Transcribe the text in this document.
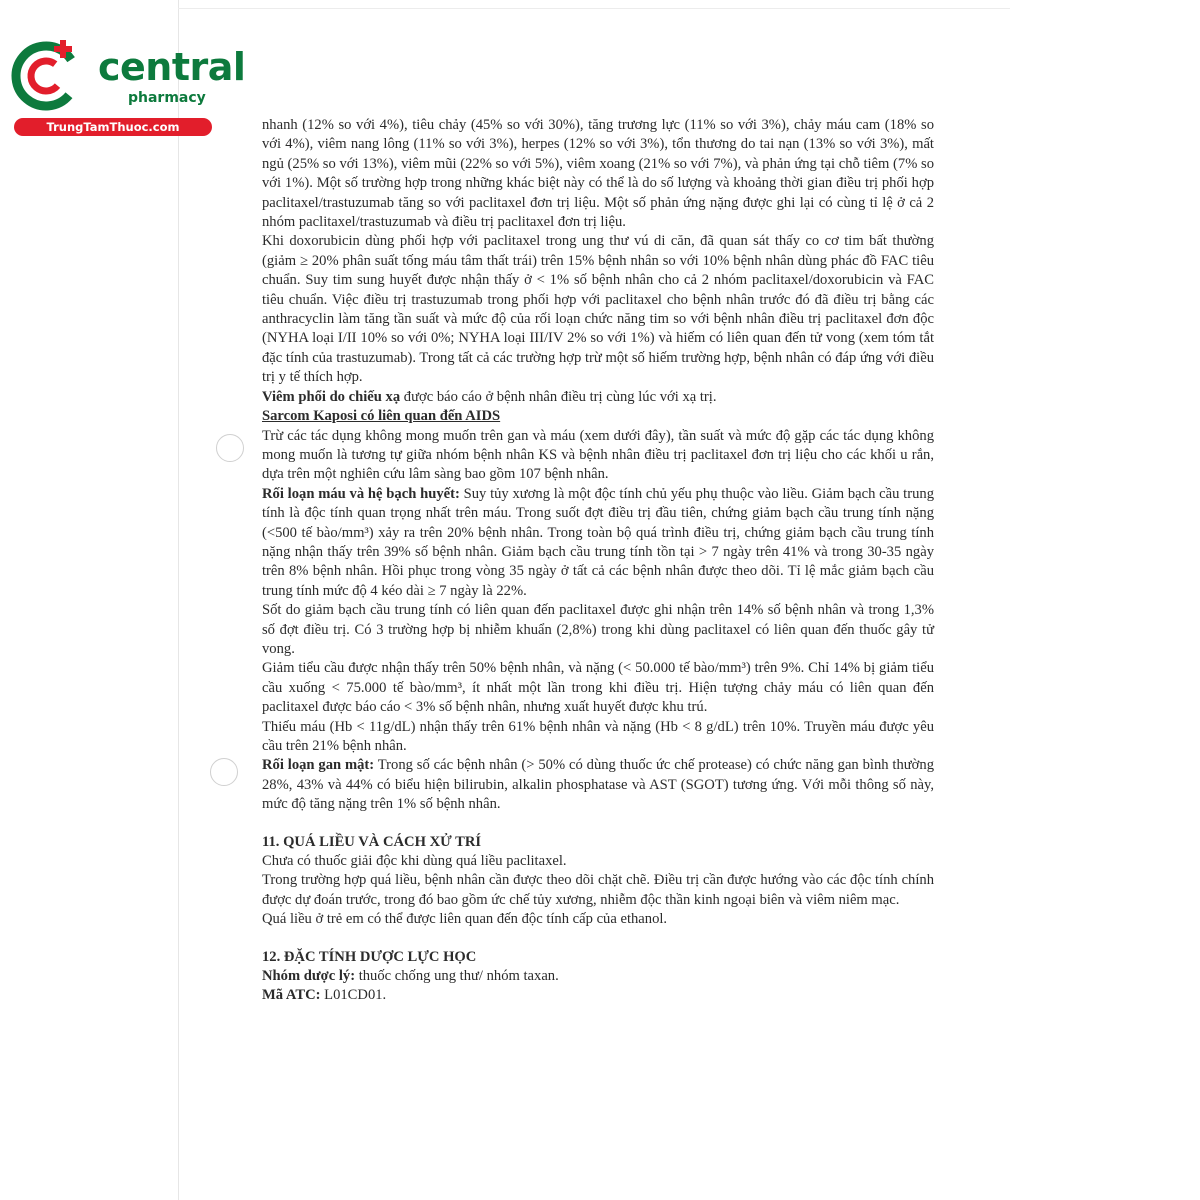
central
pharmacy
TrungTamThuoc.com	nhanh (12% so với 4%), tiêu chảy (45% so với 30%), tăng trương lực (11% so với 3%), chảy máu cam (18% so với 4%), viêm nang lông (11% so với 3%), herpes (12% so với 3%), tổn thương do tai nạn (13% so với 3%), mất ngủ (25% so với 13%), viêm mũi (22% so với 5%), viêm xoang (21% so với 7%), và phản ứng tại chỗ tiêm (7% so với 1%). Một số trường hợp trong những khác biệt này có thể là do số lượng và khoảng thời gian điều trị phối hợp paclitaxel/trastuzumab tăng so với paclitaxel đơn trị liệu. Một số phản ứng nặng được ghi lại có cùng tỉ lệ ở cả 2 nhóm paclitaxel/trastuzumab và điều trị paclitaxel đơn trị liệu.

Khi doxorubicin dùng phối hợp với paclitaxel trong ung thư vú di căn, đã quan sát thấy co cơ tim bất thường (giảm ≥ 20% phân suất tống máu tâm thất trái) trên 15% bệnh nhân so với 10% bệnh nhân dùng phác đồ FAC tiêu chuẩn. Suy tim sung huyết được nhận thấy ở < 1% số bệnh nhân cho cả 2 nhóm paclitaxel/doxorubicin và FAC tiêu chuẩn. Việc điều trị trastuzumab trong phối hợp với paclitaxel cho bệnh nhân trước đó đã điều trị bằng các anthracyclin làm tăng tần suất và mức độ của rối loạn chức năng tim so với bệnh nhân điều trị paclitaxel đơn độc (NYHA loại I/II 10% so với 0%; NYHA loại III/IV 2% so với 1%) và hiếm có liên quan đến tử vong (xem tóm tắt đặc tính của trastuzumab). Trong tất cả các trường hợp trừ một số hiếm trường hợp, bệnh nhân có đáp ứng với điều trị y tế thích hợp.

Viêm phổi do chiếu xạ được báo cáo ở bệnh nhân điều trị cùng lúc với xạ trị.

Sarcom Kaposi có liên quan đến AIDS

Trừ các tác dụng không mong muốn trên gan và máu (xem dưới đây), tần suất và mức độ gặp các tác dụng không mong muốn là tương tự giữa nhóm bệnh nhân KS và bệnh nhân điều trị paclitaxel đơn trị liệu cho các khối u rắn, dựa trên một nghiên cứu lâm sàng bao gồm 107 bệnh nhân.

Rối loạn máu và hệ bạch huyết: Suy tủy xương là một độc tính chủ yếu phụ thuộc vào liều. Giảm bạch cầu trung tính là độc tính quan trọng nhất trên máu. Trong suốt đợt điều trị đầu tiên, chứng giảm bạch cầu trung tính nặng (<500 tế bào/mm³) xảy ra trên 20% bệnh nhân. Trong toàn bộ quá trình điều trị, chứng giảm bạch cầu trung tính nặng nhận thấy trên 39% số bệnh nhân. Giảm bạch cầu trung tính tồn tại > 7 ngày trên 41% và trong 30-35 ngày trên 8% bệnh nhân. Hồi phục trong vòng 35 ngày ở tất cả các bệnh nhân được theo dõi. Tỉ lệ mắc giảm bạch cầu trung tính mức độ 4 kéo dài ≥ 7 ngày là 22%.

Sốt do giảm bạch cầu trung tính có liên quan đến paclitaxel được ghi nhận trên 14% số bệnh nhân và trong 1,3% số đợt điều trị. Có 3 trường hợp bị nhiễm khuẩn (2,8%) trong khi dùng paclitaxel có liên quan đến thuốc gây tử vong.

Giảm tiểu cầu được nhận thấy trên 50% bệnh nhân, và nặng (< 50.000 tế bào/mm³) trên 9%. Chỉ 14% bị giảm tiểu cầu xuống < 75.000 tế bào/mm³, ít nhất một lần trong khi điều trị. Hiện tượng chảy máu có liên quan đến paclitaxel được báo cáo < 3% số bệnh nhân, nhưng xuất huyết được khu trú.

Thiếu máu (Hb < 11g/dL) nhận thấy trên 61% bệnh nhân và nặng (Hb < 8 g/dL) trên 10%. Truyền máu được yêu cầu trên 21% bệnh nhân.

Rối loạn gan mật: Trong số các bệnh nhân (> 50% có dùng thuốc ức chế protease) có chức năng gan bình thường 28%, 43% và 44% có biểu hiện bilirubin, alkalin phosphatase và AST (SGOT) tương ứng. Với mỗi thông số này, mức độ tăng nặng trên 1% số bệnh nhân.

11. QUÁ LIỀU VÀ CÁCH XỬ TRÍ

Chưa có thuốc giải độc khi dùng quá liều paclitaxel.

Trong trường hợp quá liều, bệnh nhân cần được theo dõi chặt chẽ. Điều trị cần được hướng vào các độc tính chính được dự đoán trước, trong đó bao gồm ức chế tủy xương, nhiễm độc thần kinh ngoại biên và viêm niêm mạc.

Quá liều ở trẻ em có thể được liên quan đến độc tính cấp của ethanol.

12. ĐẶC TÍNH DƯỢC LỰC HỌC

Nhóm dược lý: thuốc chống ung thư/ nhóm taxan.

Mã ATC: L01CD01.
